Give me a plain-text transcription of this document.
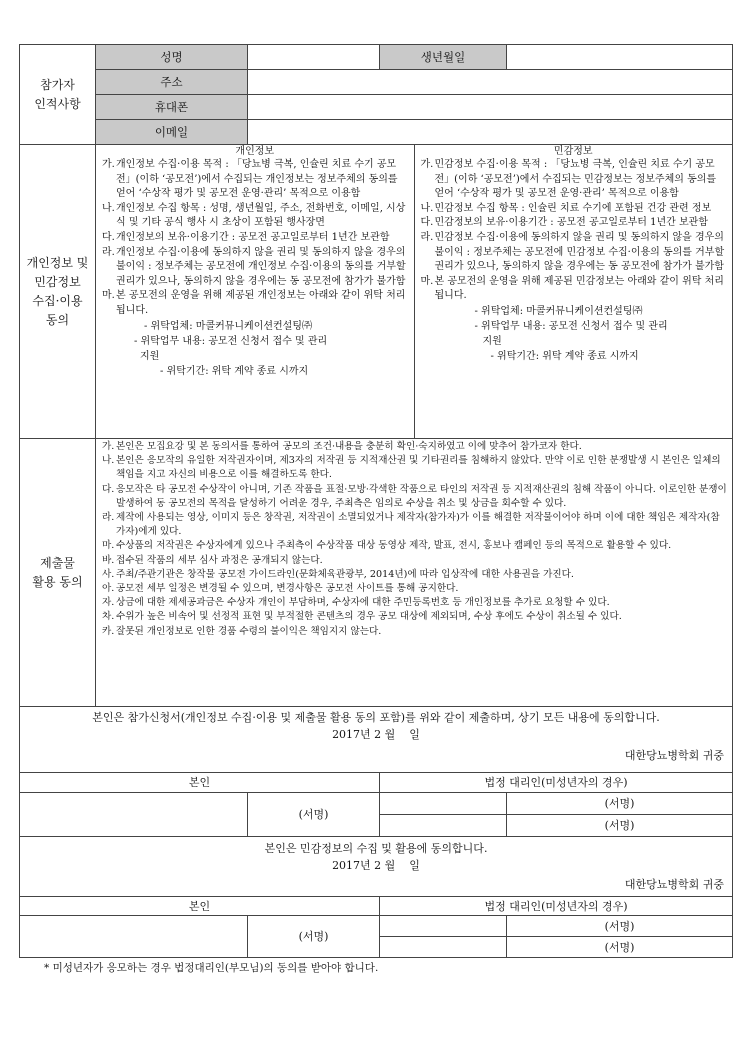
참가자
인적사항	성명		생년월일	
주소	
휴대폰	
이메일	
개인정보 및
민감정보
수집·이용
동의	
개인정보
가. 개인정보 수집·이용 목적 : 「당뇨병 극복, 인슐린 치료 수기 공모전」(이하 ‘공모전’)에서 수집되는 개인정보는 정보주체의 동의를 얻어 ‘수상작 평가 및 공모전 운영·관리’ 목적으로 이용함
나. 개인정보 수집 항목 : 성명, 생년월일, 주소, 전화번호, 이메일, 시상식 및 기타 공식 행사 시 초상이 포함된 행사장면
다. 개인정보의 보유·이용기간 : 공모전 공고일로부터 1년간 보관함
라. 개인정보 수집·이용에 동의하지 않을 권리 및 동의하지 않을 경우의 불이익 : 정보주체는 공모전에 개인정보 수집·이용의 동의를 거부할 권리가 있으나, 동의하지 않을 경우에는 동 공모전에 참가가 불가함
마. 본 공모전의 운영을 위해 제공된 개인정보는 아래와 같이 위탁 처리됩니다.
- 위탁업체: 마콜커뮤니케이션컨설팅㈜
- 위탁업무 내용: 공모전 신청서 접수 및 관리
지원
- 위탁기간: 위탁 계약 종료 시까지

민감정보
가. 민감정보 수집·이용 목적 : 「당뇨병 극복, 인슐린 치료 수기 공모전」(이하 ‘공모전’)에서 수집되는 민감정보는 정보주체의 동의를 얻어 ‘수상작 평가 및 공모전 운영·관리’ 목적으로 이용함
나. 민감정보 수집 항목 : 인슐린 치료 수기에 포함된 건강 관련 정보
다. 민감정보의 보유·이용기간 : 공모전 공고일로부터 1년간 보관함
라. 민감정보 수집·이용에 동의하지 않을 권리 및 동의하지 않을 경우의 불이익 : 정보주체는 공모전에 민감정보 수집·이용의 동의를 거부할 권리가 있으나, 동의하지 않을 경우에는 동 공모전에 참가가 불가함
마. 본 공모전의 운영을 위해 제공된 민감정보는 아래와 같이 위탁 처리됩니다.
- 위탁업체: 마콜커뮤니케이션컨설팅㈜
- 위탁업무 내용: 공모전 신청서 접수 및 관리
지원
- 위탁기간: 위탁 계약 종료 시까지

제출물
활용 동의	
가. 본인은 모집요강 및 본 동의서를 통하여 공모의 조건·내용을 충분히 확인·숙지하였고 이에 맞추어 참가코자 한다.
나. 본인은 응모작의 유일한 저작권자이며, 제3자의 저작권 등 지적재산권 및 기타권리를 침해하지 않았다. 만약 이로 인한 분쟁발생 시 본인은 일체의 책임을 지고 자신의 비용으로 이를 해결하도록 한다.
다. 응모작은 타 공모전 수상작이 아니며, 기존 작품을 표절·모방·각색한 작품으로 타인의 저작권 등 지적재산권의 침해 작품이 아니다. 이로인한 분쟁이 발생하여 동 공모전의 목적을 달성하기 어려운 경우, 주최측은 임의로 수상을 취소 및 상금을 회수할 수 있다.
라. 제작에 사용되는 영상, 이미지 등은 창작권, 저작권이 소멸되었거나 제작자(참가자)가 이를 해결한 저작물이어야 하며 이에 대한 책임은 제작자(참가자)에게 있다.
마. 수상품의 저작권은 수상자에게 있으나 주최측이 수상작품 대상 동영상 제작, 발표, 전시, 홍보나 캠페인 등의 목적으로 활용할 수 있다.
바. 접수된 작품의 세부 심사 과정은 공개되지 않는다.
사. 주최/주관기관은 창작물 공모전 가이드라인(문화체육관광부, 2014년)에 따라 입상작에 대한 사용권을 가진다.
아. 공모전 세부 일정은 변경될 수 있으며, 변경사항은 공모전 사이트를 통해 공지한다.
자. 상금에 대한 제세공과금은 수상자 개인이 부담하며, 수상자에 대한 주민등록번호 등 개인정보를 추가로 요청할 수 있다.
차. 수위가 높은 비속어 및 선정적 표현 및 부적절한 콘텐츠의 경우 공모 대상에 제외되며, 수상 후에도 수상이 취소될 수 있다.
카. 잘못된 개인정보로 인한 경품 수령의 불이익은 책임지지 않는다.

본인은 참가신청서(개인정보 수집·이용 및 제출물 활용 동의 포함)를 위와 같이 제출하며, 상기 모든 내용에 동의합니다.
2017년 2 월    일
대한당뇨병학회 귀중

본인	법정 대리인(미성년자의 경우)
	(서명)		(서명)
	(서명)

본인은 민감정보의 수집 및 활용에 동의합니다.
2017년 2 월    일
대한당뇨병학회 귀중

본인	법정 대리인(미성년자의 경우)
	(서명)		(서명)
	(서명)
* 미성년자가 응모하는 경우 법정대리인(부모님)의 동의를 받아야 합니다.
